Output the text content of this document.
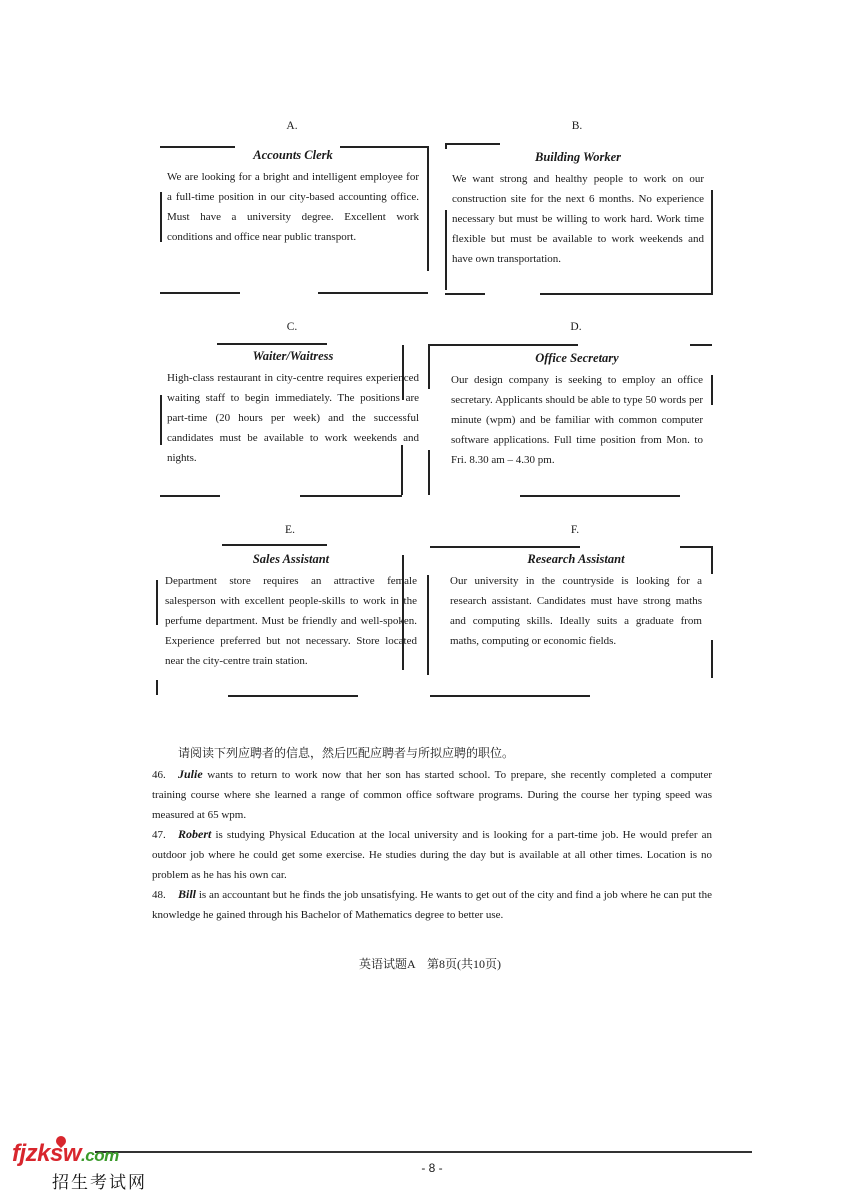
A.
Accounts Clerk
We are looking for a bright and intelligent employee for a full-time position in our city-based accounting office. Must have a university degree. Excellent work conditions and office near public transport.
B.
Building Worker
We want strong and healthy people to work on our construction site for the next 6 months. No experience necessary but must be willing to work hard. Work time flexible but must be available to work weekends and have own transportation.
C.
Waiter/Waitress
High-class restaurant in city-centre requires experienced waiting staff to begin immediately. The positions are part-time (20 hours per week) and the successful candidates must be available to work weekends and nights.
D.
Office Secretary
Our design company is seeking to employ an office secretary. Applicants should be able to type 50 words per minute (wpm) and be familiar with common computer software applications. Full time position from Mon. to Fri. 8.30 am – 4.30 pm.
E.
Sales Assistant
Department store requires an attractive female salesperson with excellent people-skills to work in the perfume department. Must be friendly and well-spoken. Experience preferred but not necessary. Store located near the city-centre train station.
F.
Research Assistant
Our university in the countryside is looking for a research assistant. Candidates must have strong maths and computing skills. Ideally suits a graduate from maths, computing or economic fields.
请阅读下列应聘者的信息，然后匹配应聘者与所拟应聘的职位。
46. Julie wants to return to work now that her son has started school. To prepare, she recently completed a computer training course where she learned a range of common office software programs. During the course her typing speed was measured at 65 wpm.
47. Robert is studying Physical Education at the local university and is looking for a part-time job. He would prefer an outdoor job where he could get some exercise. He studies during the day but is available at all other times. Location is no problem as he has his own car.
48. Bill is an accountant but he finds the job unsatisfying. He wants to get out of the city and find a job where he can put the knowledge he gained through his Bachelor of Mathematics degree to better use.
英语试题A　第8页(共10页)
- 8 -
fjzksw.com
招生考试网
